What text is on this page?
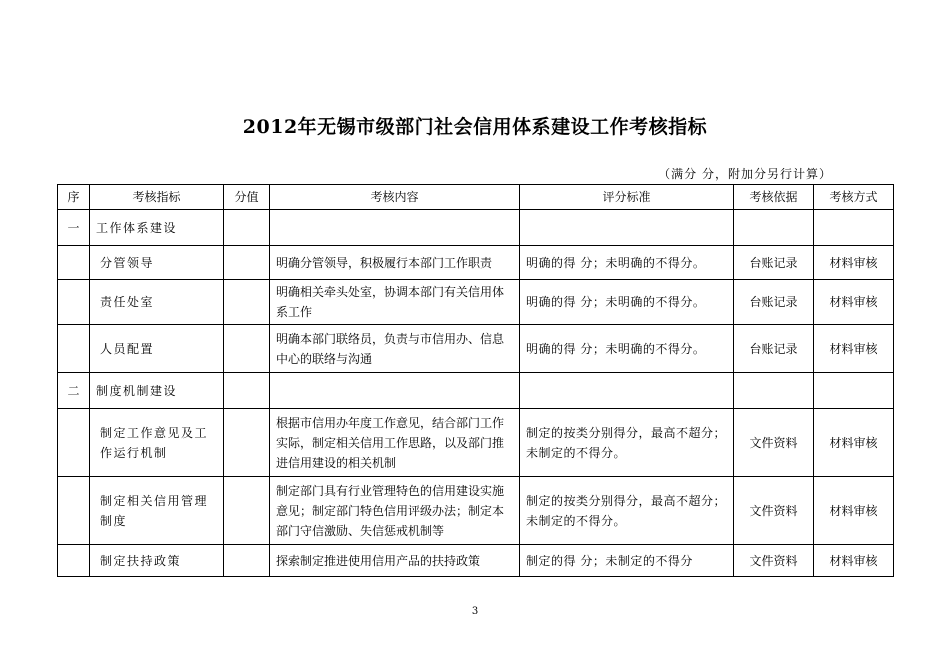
2012年无锡市级部门社会信用体系建设工作考核指标
（满分 分，附加分另行计算）
序	考核指标	分值	考核内容	评分标准	考核依据	考核方式
一	工作体系建设					
	分管领导		明确分管领导，积极履行本部门工作职责	明确的得 分；未明确的不得分。	台账记录	材料审核
	责任处室		明确相关牵头处室，协调本部门有关信用体系工作	明确的得 分；未明确的不得分。	台账记录	材料审核
	人员配置		明确本部门联络员，负责与市信用办、信息中心的联络与沟通	明确的得 分；未明确的不得分。	台账记录	材料审核
二	制度机制建设					
	制定工作意见及工作运行机制		根据市信用办年度工作意见，结合部门工作实际，制定相关信用工作思路，以及部门推进信用建设的相关机制	制定的按类分别得分，最高不超分；未制定的不得分。	文件资料	材料审核
	制定相关信用管理制度		制定部门具有行业管理特色的信用建设实施意见；制定部门特色信用评级办法；制定本部门守信激励、失信惩戒机制等	制定的按类分别得分，最高不超分；未制定的不得分。	文件资料	材料审核
	制定扶持政策		探索制定推进使用信用产品的扶持政策	制定的得 分；未制定的不得分	文件资料	材料审核
3
